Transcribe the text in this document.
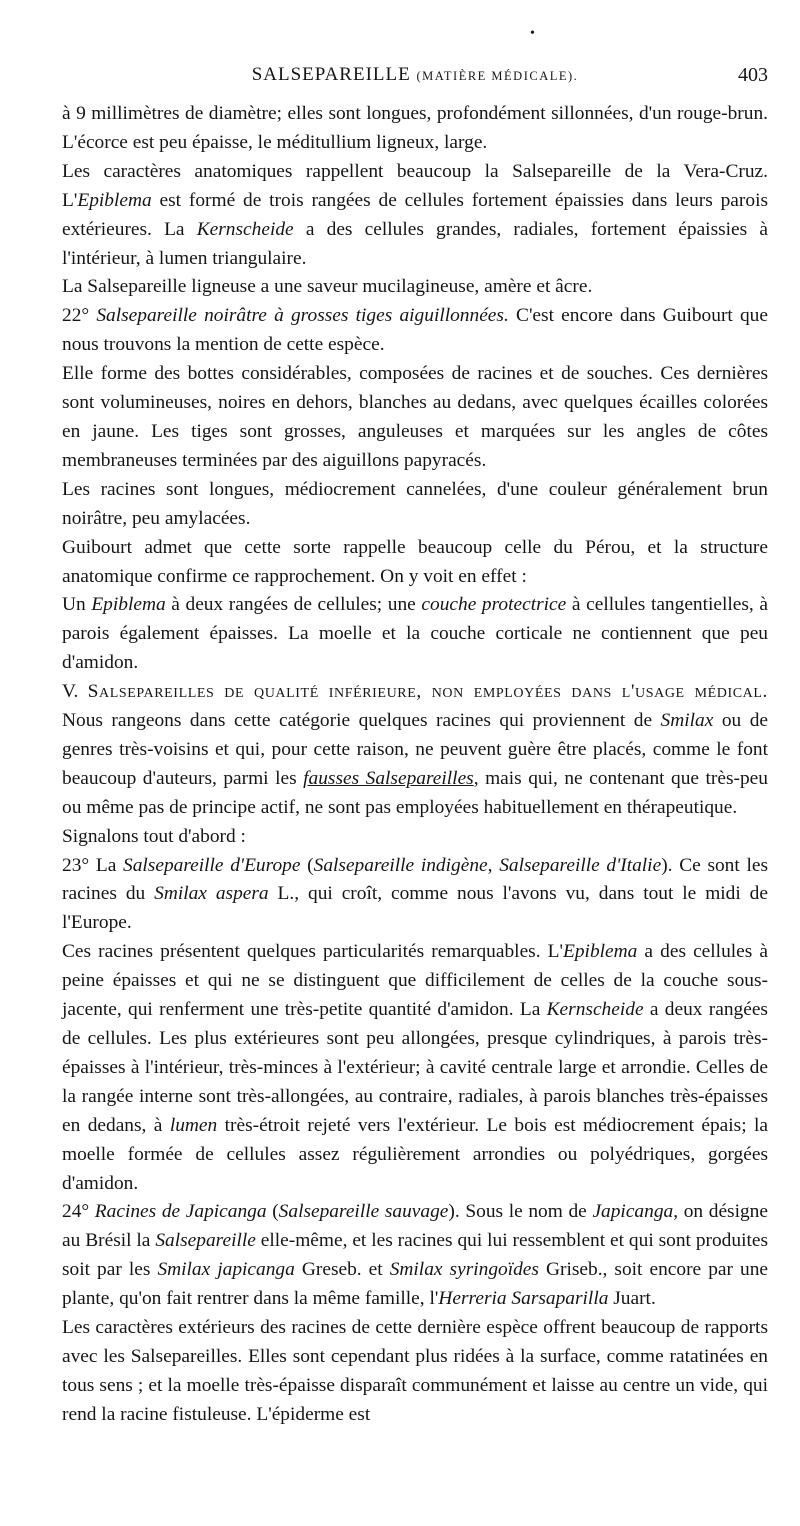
•
SALSEPAREILLE (MATIÈRE MÉDICALE).	403

à 9 millimètres de diamètre; elles sont longues, profondément sillonnées, d'un rouge-brun. L'écorce est peu épaisse, le méditullium ligneux, large.

Les caractères anatomiques rappellent beaucoup la Salsepareille de la Vera-Cruz. L'Epiblema est formé de trois rangées de cellules fortement épaissies dans leurs parois extérieures. La Kernscheide a des cellules grandes, radiales, fortement épaissies à l'intérieur, à lumen triangulaire.

La Salsepareille ligneuse a une saveur mucilagineuse, amère et âcre.

22° Salsepareille noirâtre à grosses tiges aiguillonnées. C'est encore dans Guibourt que nous trouvons la mention de cette espèce.

Elle forme des bottes considérables, composées de racines et de souches. Ces dernières sont volumineuses, noires en dehors, blanches au dedans, avec quelques écailles colorées en jaune. Les tiges sont grosses, anguleuses et marquées sur les angles de côtes membraneuses terminées par des aiguillons papyracés.

Les racines sont longues, médiocrement cannelées, d'une couleur généralement brun noirâtre, peu amylacées.

Guibourt admet que cette sorte rappelle beaucoup celle du Pérou, et la structure anatomique confirme ce rapprochement. On y voit en effet :

Un Epiblema à deux rangées de cellules; une couche protectrice à cellules tangentielles, à parois également épaisses. La moelle et la couche corticale ne contiennent que peu d'amidon.

V. Salsepareilles de qualité inférieure, non employées dans l'usage médical. Nous rangeons dans cette catégorie quelques racines qui proviennent de Smilax ou de genres très-voisins et qui, pour cette raison, ne peuvent guère être placés, comme le font beaucoup d'auteurs, parmi les fausses Salsepareilles, mais qui, ne contenant que très-peu ou même pas de principe actif, ne sont pas employées habituellement en thérapeutique.

Signalons tout d'abord :

23° La Salsepareille d'Europe (Salsepareille indigène, Salsepareille d'Italie). Ce sont les racines du Smilax aspera L., qui croît, comme nous l'avons vu, dans tout le midi de l'Europe.

Ces racines présentent quelques particularités remarquables. L'Epiblema a des cellules à peine épaisses et qui ne se distinguent que difficilement de celles de la couche sous-jacente, qui renferment une très-petite quantité d'amidon. La Kernscheide a deux rangées de cellules. Les plus extérieures sont peu allongées, presque cylindriques, à parois très-épaisses à l'intérieur, très-minces à l'extérieur; à cavité centrale large et arrondie. Celles de la rangée interne sont très-allongées, au contraire, radiales, à parois blanches très-épaisses en dedans, à lumen très-étroit rejeté vers l'extérieur. Le bois est médiocrement épais; la moelle formée de cellules assez régulièrement arrondies ou polyédriques, gorgées d'amidon.

24° Racines de Japicanga (Salsepareille sauvage). Sous le nom de Japicanga, on désigne au Brésil la Salsepareille elle-même, et les racines qui lui ressemblent et qui sont produites soit par les Smilax japicanga Greseb. et Smilax syringoïdes Griseb., soit encore par une plante, qu'on fait rentrer dans la même famille, l'Herreria Sarsaparilla Juart.

Les caractères extérieurs des racines de cette dernière espèce offrent beaucoup de rapports avec les Salsepareilles. Elles sont cependant plus ridées à la surface, comme ratatinées en tous sens ; et la moelle très-épaisse disparaît communément et laisse au centre un vide, qui rend la racine fistuleuse. L'épiderme est
